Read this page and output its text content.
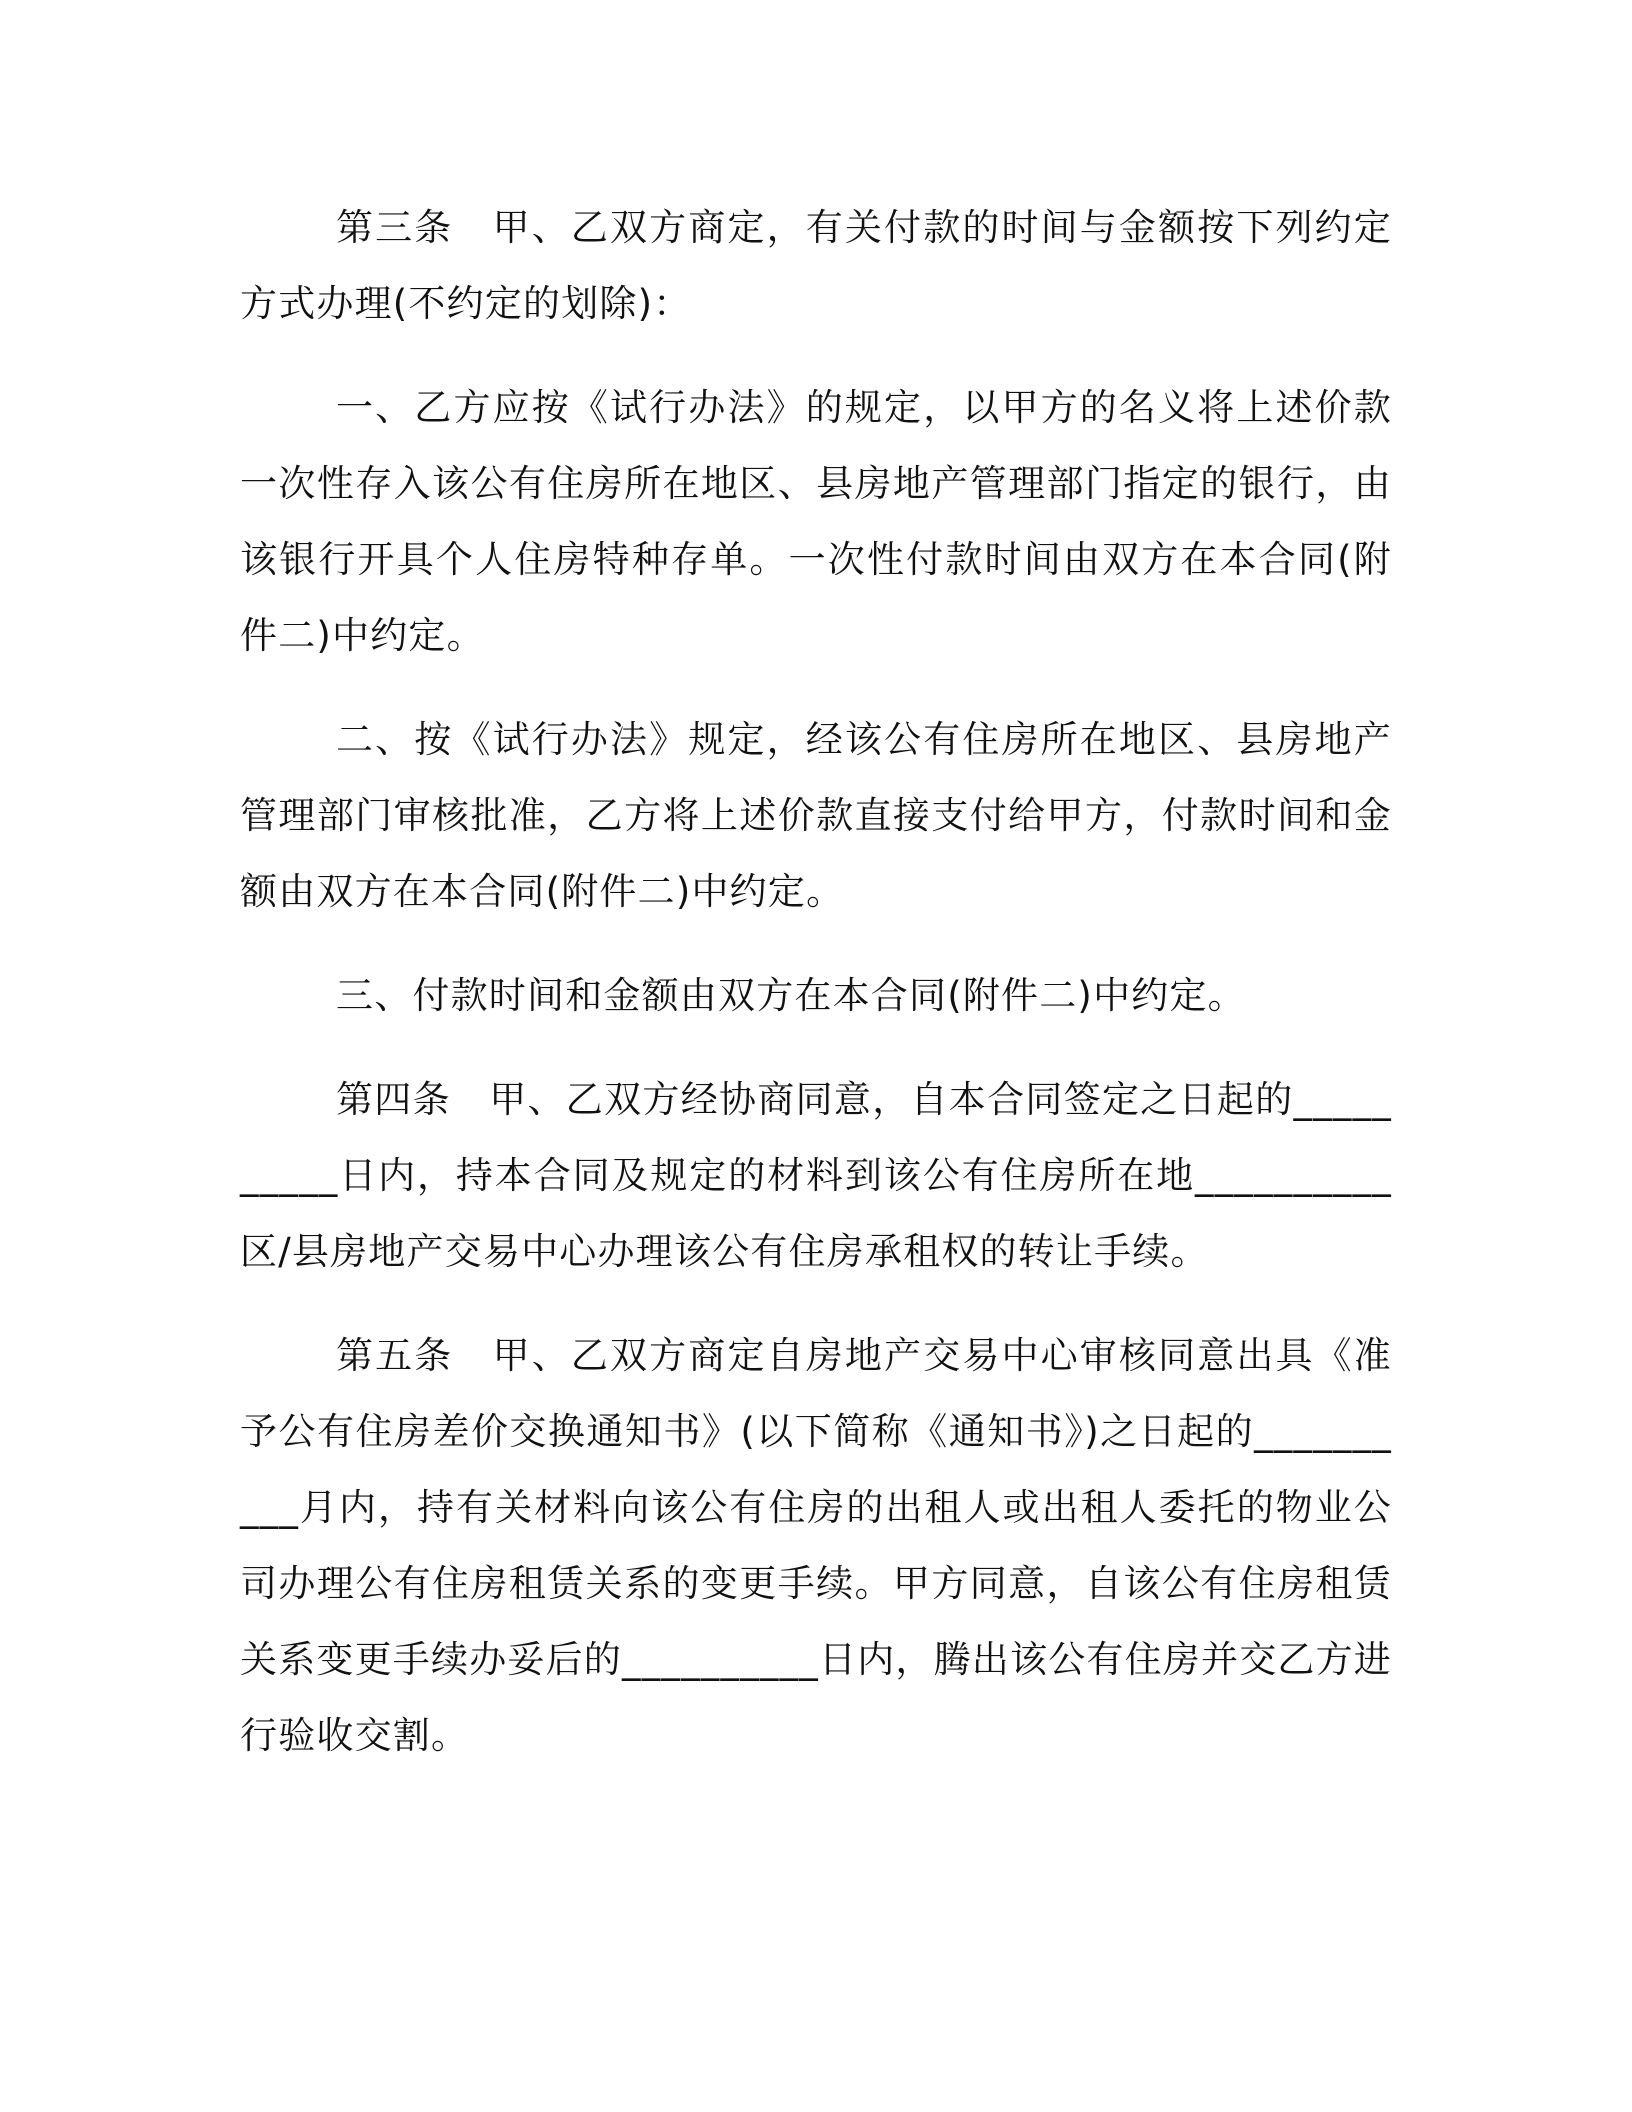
第三条　甲、乙双方商定，有关付款的时间与金额按下列约定方式办理(不约定的划除)：

一、乙方应按《试行办法》的规定，以甲方的名义将上述价款一次性存入该公有住房所在地区、县房地产管理部门指定的银行，由该银行开具个人住房特种存单。一次性付款时间由双方在本合同(附件二)中约定。

二、按《试行办法》规定，经该公有住房所在地区、县房地产管理部门审核批准，乙方将上述价款直接支付给甲方，付款时间和金额由双方在本合同(附件二)中约定。

三、付款时间和金额由双方在本合同(附件二)中约定。

第四条　甲、乙双方经协商同意，自本合同签定之日起的__________日内，持本合同及规定的材料到该公有住房所在地__________区/县房地产交易中心办理该公有住房承租权的转让手续。

第五条　甲、乙双方商定自房地产交易中心审核同意出具《准予公有住房差价交换通知书》(以下简称《通知书》)之日起的__________月内，持有关材料向该公有住房的出租人或出租人委托的物业公司办理公有住房租赁关系的变更手续。甲方同意，自该公有住房租赁关系变更手续办妥后的__________日内，腾出该公有住房并交乙方进行验收交割。
